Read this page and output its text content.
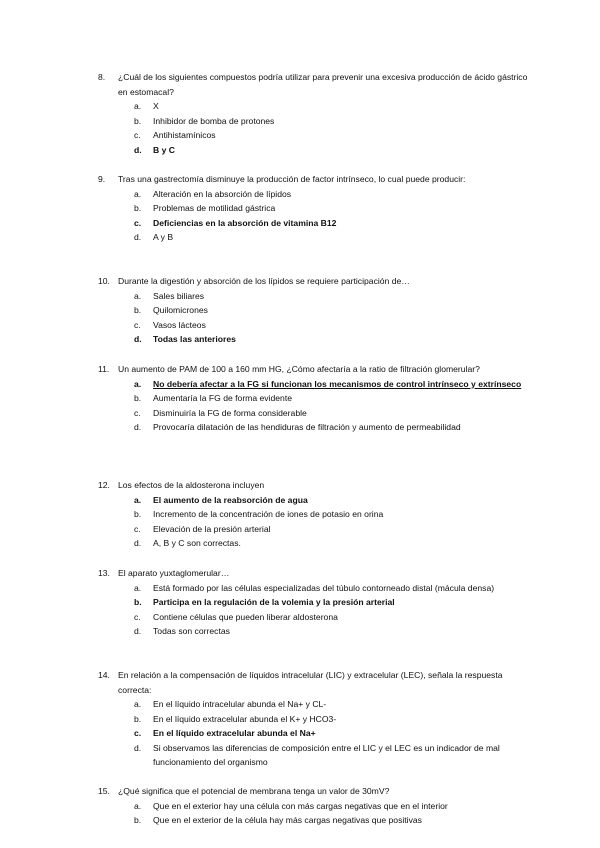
8. ¿Cuál de los siguientes compuestos podría utilizar para prevenir una excesiva producción de ácido gástrico en estomacal?
a. X
b. Inhibidor de bomba de protones
c. Antihistamínicos
d. B y C
9. Tras una gastrectomía disminuye la producción de factor intrínseco, lo cual puede producir:
a. Alteración en la absorción de lípidos
b. Problemas de motilidad gástrica
c. Deficiencias en la absorción de vitamina B12
d. A y B
10. Durante la digestión y absorción de los lípidos se requiere participación de…
a. Sales biliares
b. Quilomicrones
c. Vasos lácteos
d. Todas las anteriores
11. Un aumento de PAM de 100 a 160 mm HG, ¿Cómo afectaría a la ratio de filtración glomerular?
a. No debería afectar a la FG si funcionan los mecanismos de control intrínseco y extrínseco
b. Aumentaría la FG de forma evidente
c. Disminuiría la FG de forma considerable
d. Provocaría dilatación de las hendiduras de filtración y aumento de permeabilidad
12. Los efectos de la aldosterona incluyen
a. El aumento de la reabsorción de agua
b. Incremento de la concentración de iones de potasio en orina
c. Elevación de la presión arterial
d. A, B y C son correctas.
13. El aparato yuxtaglomerular…
a. Está formado por las células especializadas del túbulo contorneado distal (mácula densa)
b. Participa en la regulación de la volemia y la presión arterial
c. Contiene células que pueden liberar aldosterona
d. Todas son correctas
14. En relación a la compensación de líquidos intracelular (LIC) y extracelular (LEC), señala la respuesta correcta:
a. En el líquido intracelular abunda el Na+ y CL-
b. En el líquido extracelular abunda el K+ y HCO3-
c. En el líquido extracelular abunda el Na+
d. Si observamos las diferencias de composición entre el LIC y el LEC es un indicador de mal funcionamiento del organismo
15. ¿Qué significa que el potencial de membrana tenga un valor de 30mV?
a. Que en el exterior hay una célula con más cargas negativas que en el interior
b. Que en el exterior de la célula hay más cargas negativas que positivas
